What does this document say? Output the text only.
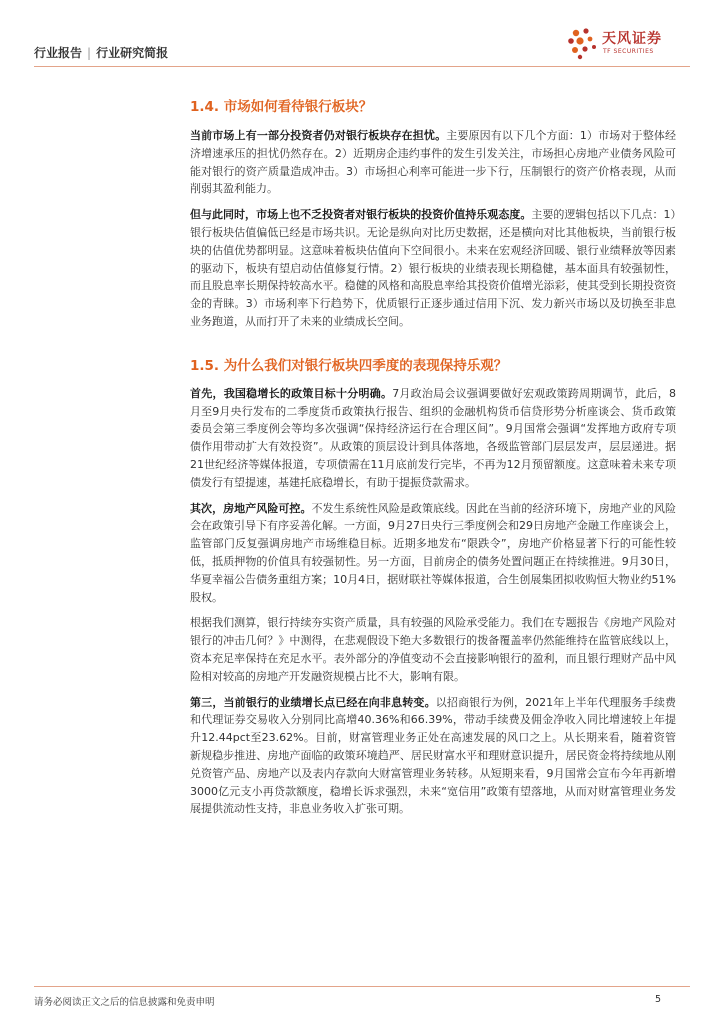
行业报告 | 行业研究简报
天风证券
TF SECURITIES
1.4. 市场如何看待银行板块？

当前市场上有一部分投资者仍对银行板块存在担忧。主要原因有以下几个方面：1）市场对于整体经济增速承压的担忧仍然存在。2）近期房企违约事件的发生引发关注，市场担心房地产业债务风险可能对银行的资产质量造成冲击。3）市场担心利率可能进一步下行，压制银行的资产价格表现，从而削弱其盈利能力。

但与此同时，市场上也不乏投资者对银行板块的投资价值持乐观态度。主要的逻辑包括以下几点：1）银行板块估值偏低已经是市场共识。无论是纵向对比历史数据，还是横向对比其他板块，当前银行板块的估值优势都明显。这意味着板块估值向下空间很小。未来在宏观经济回暖、银行业绩释放等因素的驱动下，板块有望启动估值修复行情。2）银行板块的业绩表现长期稳健，基本面具有较强韧性，而且股息率长期保持较高水平。稳健的风格和高股息率给其投资价值增光添彩，使其受到长期投资资金的青睐。3）市场利率下行趋势下，优质银行正逐步通过信用下沉、发力新兴市场以及切换至非息业务跑道，从而打开了未来的业绩成长空间。

1.5. 为什么我们对银行板块四季度的表现保持乐观？

首先，我国稳增长的政策目标十分明确。7月政治局会议强调要做好宏观政策跨周期调节，此后，8月至9月央行发布的二季度货币政策执行报告、组织的金融机构货币信贷形势分析座谈会、货币政策委员会第三季度例会等均多次强调“保持经济运行在合理区间”。9月国常会强调“发挥地方政府专项债作用带动扩大有效投资”。从政策的顶层设计到具体落地，各级监管部门层层发声，层层递进。据21世纪经济等媒体报道，专项债需在11月底前发行完毕，不再为12月预留额度。这意味着未来专项债发行有望提速，基建托底稳增长，有助于提振贷款需求。

其次，房地产风险可控。不发生系统性风险是政策底线。因此在当前的经济环境下，房地产业的风险会在政策引导下有序妥善化解。一方面，9月27日央行三季度例会和29日房地产金融工作座谈会上，监管部门反复强调房地产市场维稳目标。近期多地发布“限跌令”，房地产价格显著下行的可能性较低，抵质押物的价值具有较强韧性。另一方面，目前房企的债务处置问题正在持续推进。9月30日，华夏幸福公告债务重组方案；10月4日，据财联社等媒体报道，合生创展集团拟收购恒大物业约51%股权。

根据我们测算，银行持续夯实资产质量，具有较强的风险承受能力。我们在专题报告《房地产风险对银行的冲击几何？》中测得，在悲观假设下绝大多数银行的拨备覆盖率仍然能维持在监管底线以上，资本充足率保持在充足水平。表外部分的净值变动不会直接影响银行的盈利，而且银行理财产品中风险相对较高的房地产开发融资规模占比不大，影响有限。

第三，当前银行的业绩增长点已经在向非息转变。以招商银行为例，2021年上半年代理服务手续费和代理证券交易收入分别同比高增40.36%和66.39%，带动手续费及佣金净收入同比增速较上年提升12.44pct至23.62%。目前，财富管理业务正处在高速发展的风口之上。从长期来看，随着资管新规稳步推进、房地产面临的政策环境趋严、居民财富水平和理财意识提升，居民资金将持续地从刚兑资管产品、房地产以及表内存款向大财富管理业务转移。从短期来看，9月国常会宣布今年再新增3000亿元支小再贷款额度，稳增长诉求强烈，未来“宽信用”政策有望落地，从而对财富管理业务发展提供流动性支持，非息业务收入扩张可期。

请务必阅读正文之后的信息披露和免责申明	5
